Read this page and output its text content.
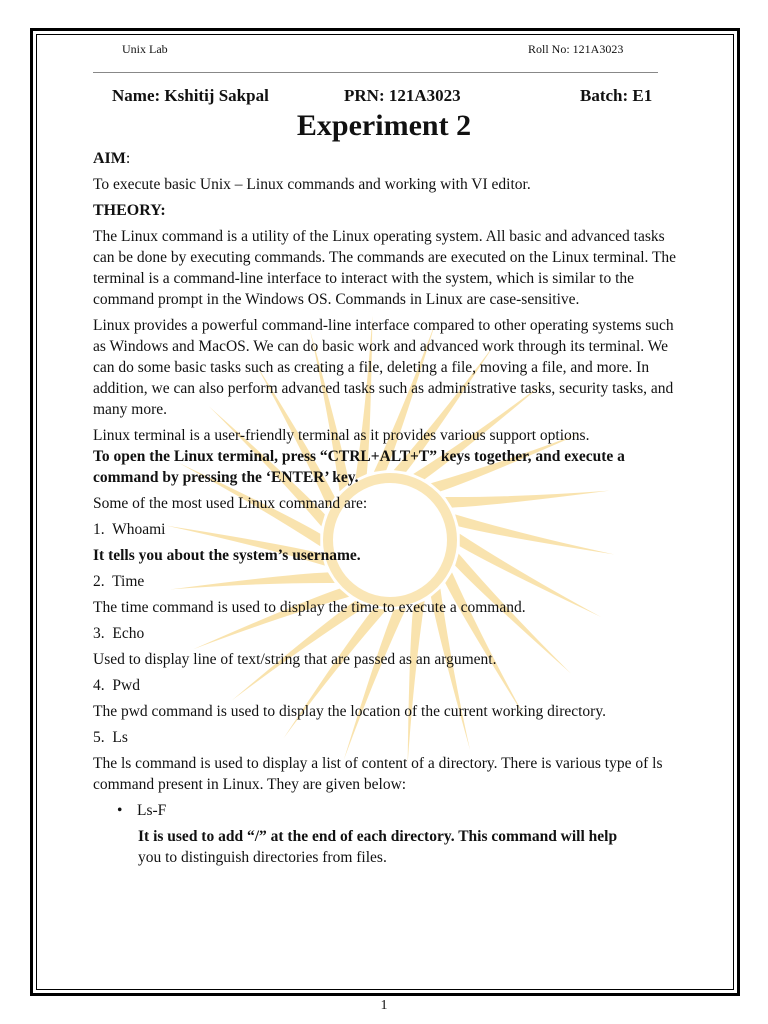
Unix Lab	Roll No: 121A3023
Name: Kshitij Sakpal	PRN: 121A3023	Batch: E1
Experiment 2

AIM:

To execute basic Unix – Linux commands and working with VI editor.

THEORY:

The Linux command is a utility of the Linux operating system. All basic and advanced tasks can be done by executing commands. The commands are executed on the Linux terminal. The terminal is a command-line interface to interact with the system, which is similar to the command prompt in the Windows OS. Commands in Linux are case-sensitive.

Linux provides a powerful command-line interface compared to other operating systems such as Windows and MacOS. We can do basic work and advanced work through its terminal. We can do some basic tasks such as creating a file, deleting a file, moving a file, and more. In addition, we can also perform advanced tasks such as administrative tasks, security tasks, and many more.

Linux terminal is a user-friendly terminal as it provides various support options.
To open the Linux terminal, press “CTRL+ALT+T” keys together, and execute a command by pressing the ‘ENTER’ key.

Some of the most used Linux command are:

1. Whoami

It tells you about the system’s username.

2. Time

The time command is used to display the time to execute a command.

3. Echo

Used to display line of text/string that are passed as an argument.

4. Pwd

The pwd command is used to display the location of the current working directory.

5. Ls

The ls command is used to display a list of content of a directory. There is various type of ls command present in Linux. They are given below:

• Ls-F

It is used to add “/” at the end of each directory. This command will help
you to distinguish directories from files.

1
